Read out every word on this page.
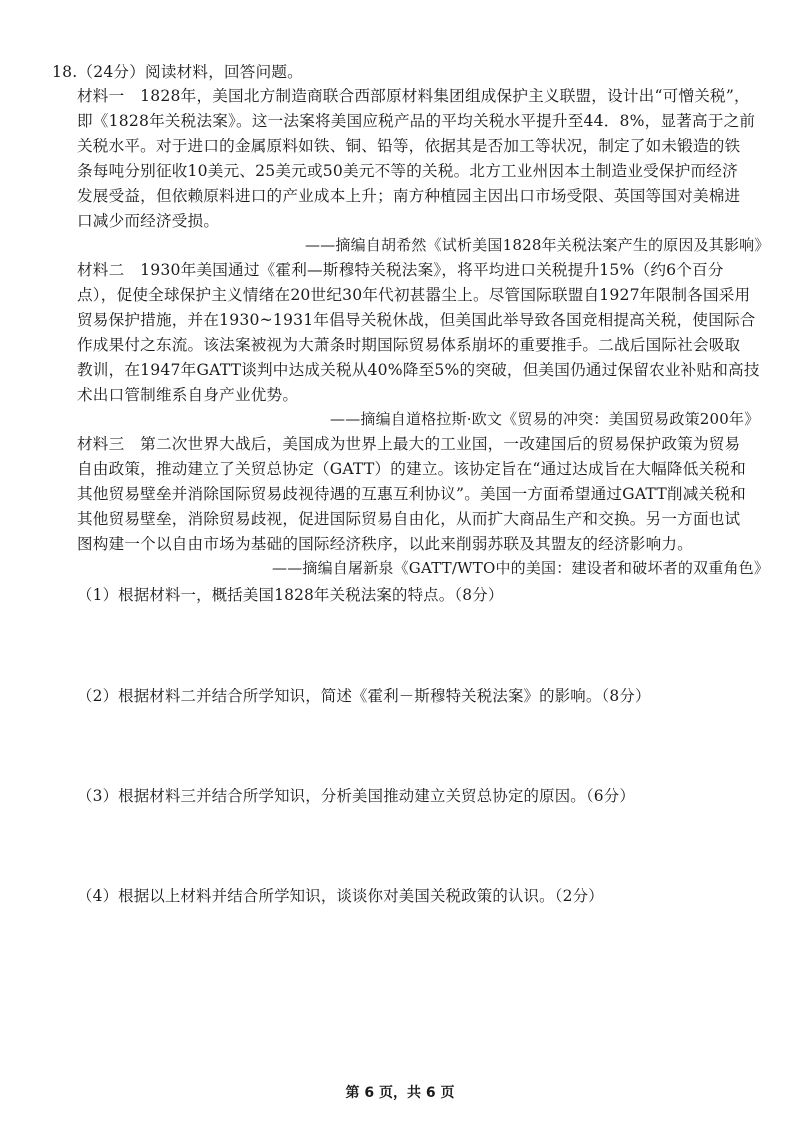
18.（24分）阅读材料，回答问题。
材料一　1828年，美国北方制造商联合西部原材料集团组成保护主义联盟，设计出“可憎关税”，
即《1828年关税法案》。这一法案将美国应税产品的平均关税水平提升至44．8%，显著高于之前
关税水平。对于进口的金属原料如铁、铜、铅等，依据其是否加工等状况，制定了如未锻造的铁
条每吨分别征收10美元、25美元或50美元不等的关税。北方工业州因本土制造业受保护而经济
发展受益，但依赖原料进口的产业成本上升；南方种植园主因出口市场受限、英国等国对美棉进
口减少而经济受损。
——摘编自胡希然《试析美国1828年关税法案产生的原因及其影响》
材料二　1930年美国通过《霍利—斯穆特关税法案》，将平均进口关税提升15%（约6个百分
点），促使全球保护主义情绪在20世纪30年代初甚嚣尘上。尽管国际联盟自1927年限制各国采用
贸易保护措施，并在1930~1931年倡导关税休战，但美国此举导致各国竞相提高关税，使国际合
作成果付之东流。该法案被视为大萧条时期国际贸易体系崩坏的重要推手。二战后国际社会吸取
教训，在1947年GATT谈判中达成关税从40%降至5%的突破，但美国仍通过保留农业补贴和高技
术出口管制维系自身产业优势。
——摘编自道格拉斯·欧文《贸易的冲突：美国贸易政策200年》
材料三　第二次世界大战后，美国成为世界上最大的工业国，一改建国后的贸易保护政策为贸易
自由政策，推动建立了关贸总协定（GATT）的建立。该协定旨在“通过达成旨在大幅降低关税和
其他贸易壁垒并消除国际贸易歧视待遇的互惠互利协议”。美国一方面希望通过GATT削减关税和
其他贸易壁垒，消除贸易歧视，促进国际贸易自由化，从而扩大商品生产和交换。另一方面也试
图构建一个以自由市场为基础的国际经济秩序，以此来削弱苏联及其盟友的经济影响力。
——摘编自屠新泉《GATT/WTO中的美国：建设者和破坏者的双重角色》
（1）根据材料一，概括美国1828年关税法案的特点。（8分）
（2）根据材料二并结合所学知识，简述《霍利－斯穆特关税法案》的影响。（8分）
（3）根据材料三并结合所学知识，分析美国推动建立关贸总协定的原因。（6分）
（4）根据以上材料并结合所学知识，谈谈你对美国关税政策的认识。（2分）
第 6 页，共 6 页
